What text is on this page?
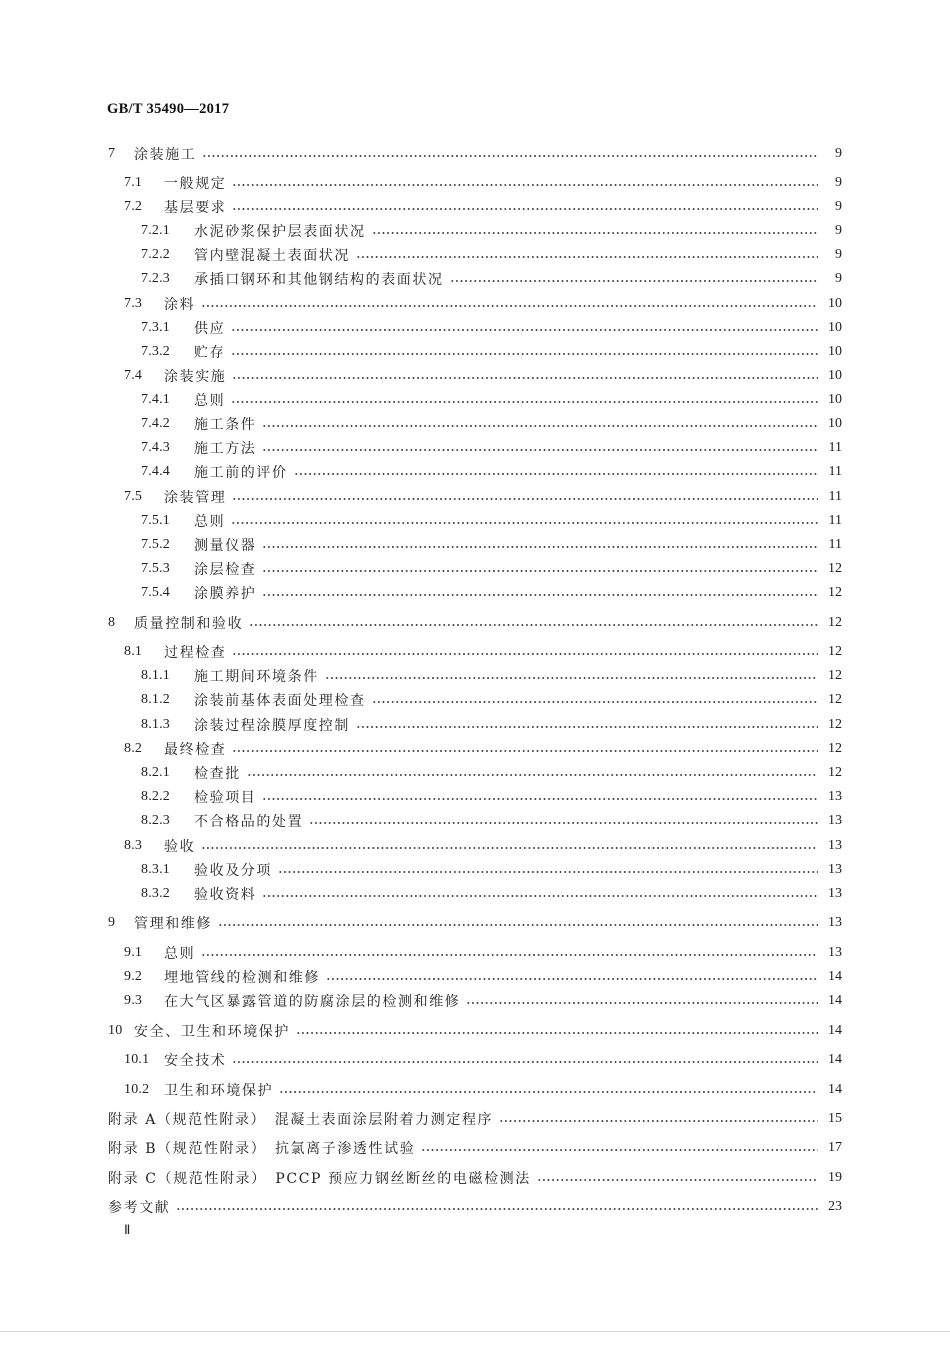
GB/T 35490—2017
7	涂装施工	9
7.1	一般规定	9
7.2	基层要求	9
7.2.1	水泥砂浆保护层表面状况	9
7.2.2	管内壁混凝土表面状况	9
7.2.3	承插口钢环和其他钢结构的表面状况	9
7.3	涂料	10
7.3.1	供应	10
7.3.2	贮存	10
7.4	涂装实施	10
7.4.1	总则	10
7.4.2	施工条件	10
7.4.3	施工方法	11
7.4.4	施工前的评价	11
7.5	涂装管理	11
7.5.1	总则	11
7.5.2	测量仪器	11
7.5.3	涂层检查	12
7.5.4	涂膜养护	12
8	质量控制和验收	12
8.1	过程检查	12
8.1.1	施工期间环境条件	12
8.1.2	涂装前基体表面处理检查	12
8.1.3	涂装过程涂膜厚度控制	12
8.2	最终检查	12
8.2.1	检查批	12
8.2.2	检验项目	13
8.2.3	不合格品的处置	13
8.3	验收	13
8.3.1	验收及分项	13
8.3.2	验收资料	13
9	管理和维修	13
9.1	总则	13
9.2	埋地管线的检测和维修	14
9.3	在大气区暴露管道的防腐涂层的检测和维修	14
10 安全、卫生和环境保护	14
10.1	安全技术	14
10.2	卫生和环境保护	14
附录 A（规范性附录）　混凝土表面涂层附着力测定程序	15
附录 B（规范性附录）　抗氯离子渗透性试验	17
附录 C（规范性附录）　PCCP 预应力钢丝断丝的电磁检测法	19
参考文献	23
Ⅱ
